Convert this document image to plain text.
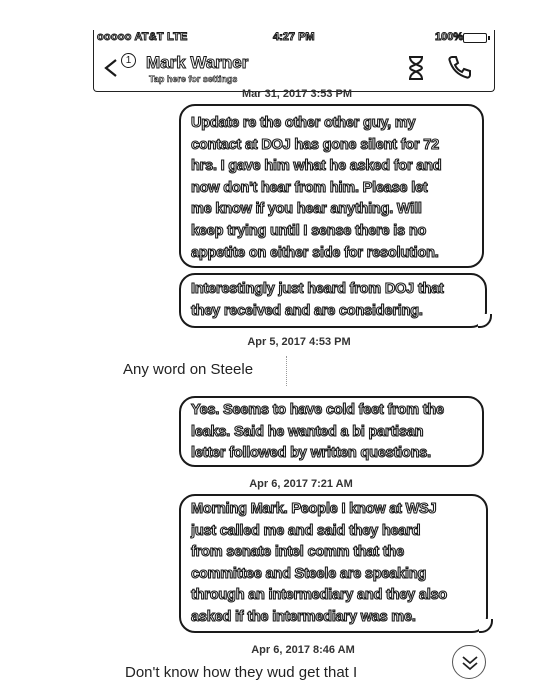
ooooo AT&T LTE	4:27 PM	100%
1 Mark Warner
Tap here for settings
Mar 31, 2017 3:53 PM
Update re the other other guy, my
contact at DOJ has gone silent for 72
hrs. I gave him what he asked for and
now don't hear from him. Please let
me know if you hear anything. Will
keep trying until I sense there is no
appetite on either side for resolution.
Interestingly just heard from DOJ that
they received and are considering.
Apr 5, 2017 4:53 PM
Any word on Steele
Yes. Seems to have cold feet from the
leaks. Said he wanted a bi partisan
letter followed by written questions.
Apr 6, 2017 7:21 AM
Morning Mark. People I know at WSJ
just called me and said they heard
from senate intel comm that the
committee and Steele are speaking
through an intermediary and they also
asked if the intermediary was me.
Apr 6, 2017 8:46 AM
Don't know how they wud get that I
